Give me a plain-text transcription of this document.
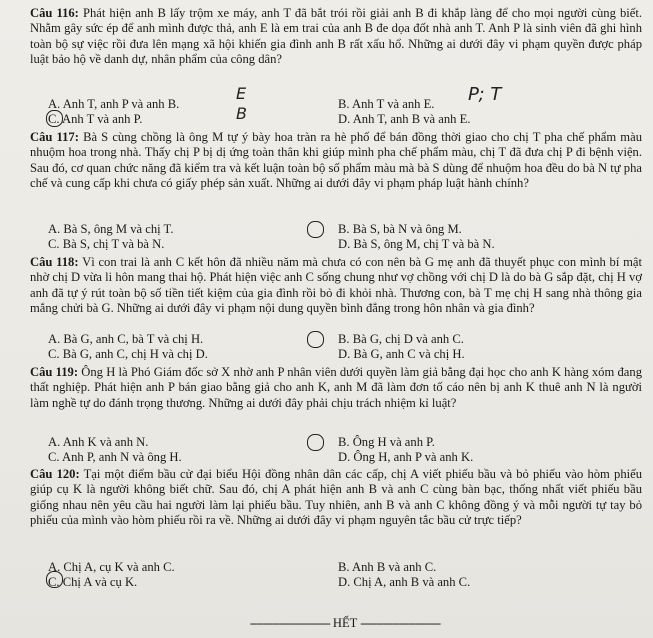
Câu 116: Phát hiện anh B lấy trộm xe máy, anh T đã bắt trói rồi giải anh B đi khắp làng để cho mọi người cùng biết. Nhằm gây sức ép để anh mình được thả, anh E là em trai của anh B đe dọa đốt nhà anh T. Anh P là sinh viên đã ghi hình toàn bộ sự việc rồi đưa lên mạng xã hội khiến gia đình anh B rất xấu hổ. Những ai dưới đây vi phạm quyền được pháp luật bảo hộ về danh dự, nhân phẩm của công dân?
A. Anh T, anh P và anh B.	B. Anh T và anh E.
C. Anh T và anh P.	D. Anh T, anh B và anh E.
Câu 117: Bà S cùng chồng là ông M tự ý bày hoa tràn ra hè phố để bán đồng thời giao cho chị T pha chế phẩm màu nhuộm hoa trong nhà. Thấy chị P bị dị ứng toàn thân khi giúp mình pha chế phẩm màu, chị T đã đưa chị P đi bệnh viện. Sau đó, cơ quan chức năng đã kiểm tra và kết luận toàn bộ số phẩm màu mà bà S dùng để nhuộm hoa đều do bà N tự pha chế và cung cấp khi chưa có giấy phép sản xuất. Những ai dưới đây vi phạm pháp luật hành chính?
A. Bà S, ông M và chị T.	B. Bà S, bà N và ông M.
C. Bà S, chị T và bà N.	D. Bà S, ông M, chị T và bà N.
Câu 118: Vì con trai là anh C kết hôn đã nhiều năm mà chưa có con nên bà G mẹ anh đã thuyết phục con mình bí mật nhờ chị D vừa li hôn mang thai hộ. Phát hiện việc anh C sống chung như vợ chồng với chị D là do bà G sắp đặt, chị H vợ anh đã tự ý rút toàn bộ số tiền tiết kiệm của gia đình rồi bỏ đi khỏi nhà. Thương con, bà T mẹ chị H sang nhà thông gia mắng chửi bà G. Những ai dưới đây vi phạm nội dung quyền bình đẳng trong hôn nhân và gia đình?
A. Bà G, anh C, bà T và chị H.	B. Bà G, chị D và anh C.
C. Bà G, anh C, chị H và chị D.	D. Bà G, anh C và chị H.
Câu 119: Ông H là Phó Giám đốc sở X nhờ anh P nhân viên dưới quyền làm giả bằng đại học cho anh K hàng xóm đang thất nghiệp. Phát hiện anh P bán giao bằng giả cho anh K, anh M đã làm đơn tố cáo nên bị anh K thuê anh N là người làm nghề tự do đánh trọng thương. Những ai dưới đây phải chịu trách nhiệm kỉ luật?
A. Anh K và anh N.	B. Ông H và anh P.
C. Anh P, anh N và ông H.	D. Ông H, anh P và anh K.
Câu 120: Tại một điểm bầu cử đại biểu Hội đồng nhân dân các cấp, chị A viết phiếu bầu và bỏ phiếu vào hòm phiếu giúp cụ K là người không biết chữ. Sau đó, chị A phát hiện anh B và anh C cùng bàn bạc, thống nhất viết phiếu bầu giống nhau nên yêu cầu hai người làm lại phiếu bầu. Tuy nhiên, anh B và anh C không đồng ý và mỗi người tự tay bỏ phiếu của mình vào hòm phiếu rồi ra về. Những ai dưới đây vi phạm nguyên tắc bầu cử trực tiếp?
A. Chị A, cụ K và anh C.	B. Anh B và anh C.
C. Chị A và cụ K.	D. Chị A, anh B và anh C.
E
B
P; T
------------------------- HẾT -------------------------
